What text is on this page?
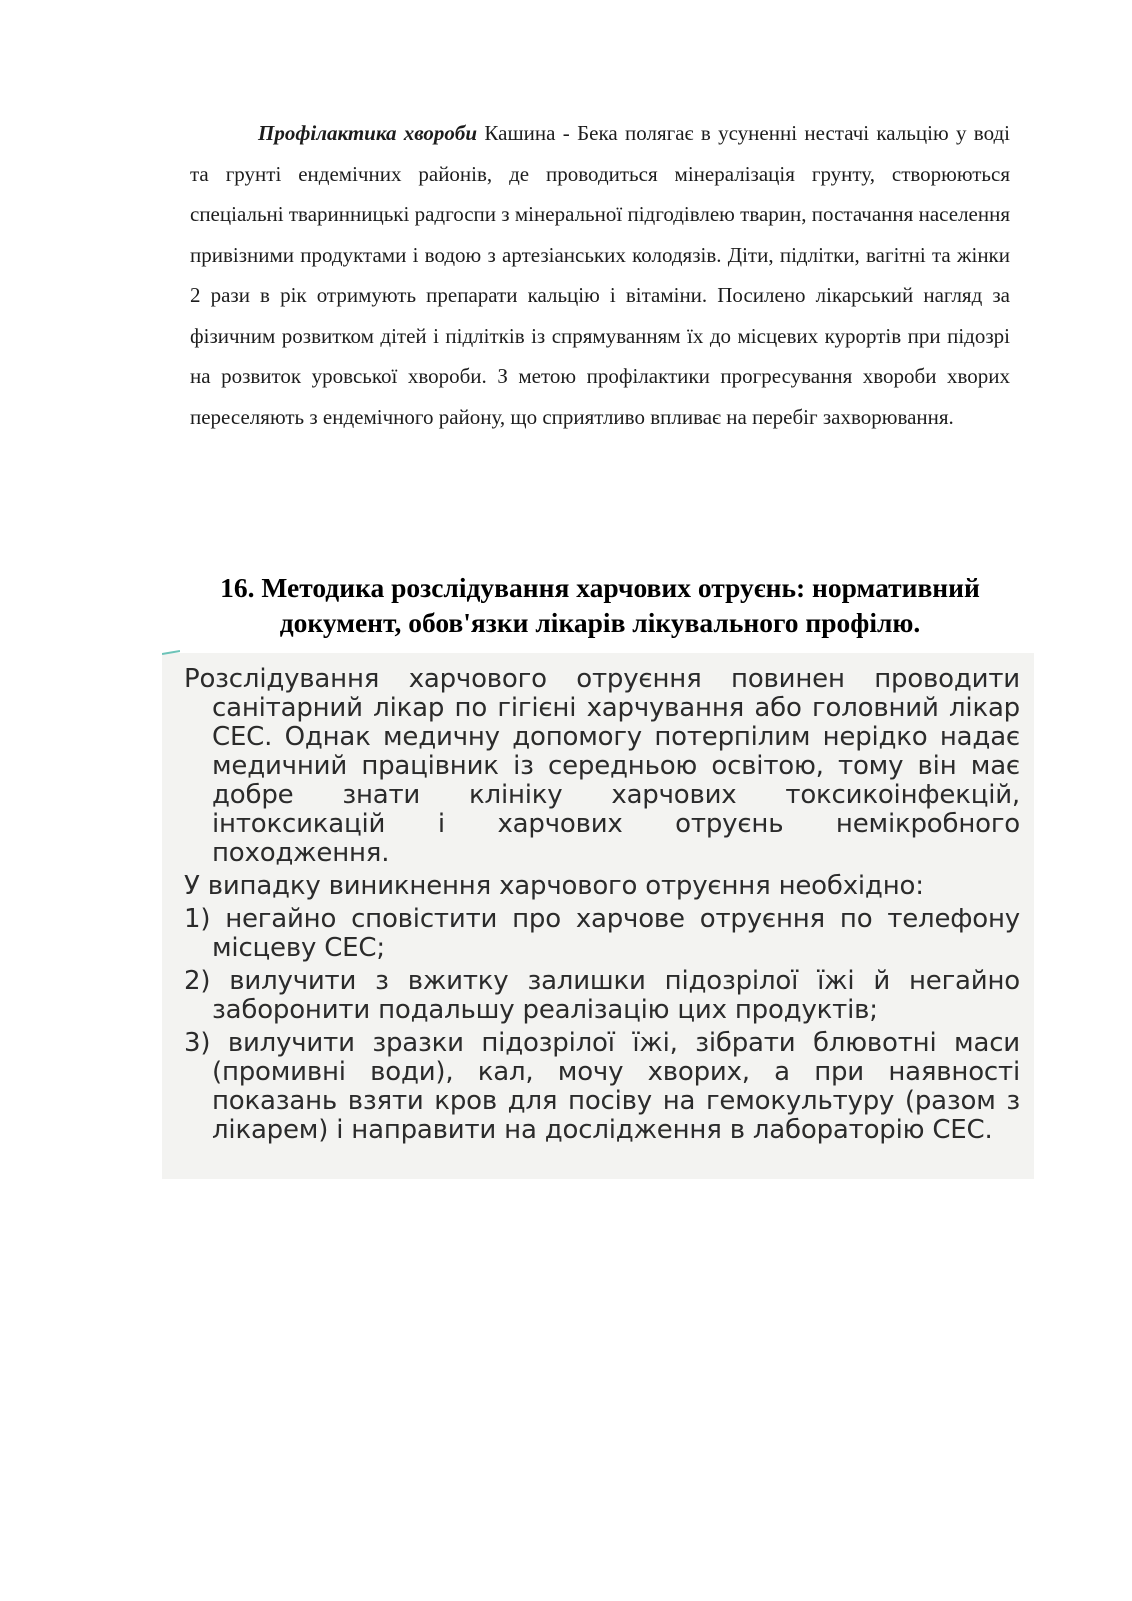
Профілактика хвороби Кашина - Бека полягає в усуненні нестачі кальцію у воді та грунті ендемічних районів, де проводиться мінералізація грунту, створюються спеціальні тваринницькі радгоспи з мінеральної підгодівлею тварин, постачання населення привізними продуктами і водою з артезіанських колодязів. Діти, підлітки, вагітні та жінки 2 рази в рік отримують препарати кальцію і вітаміни. Посилено лікарський нагляд за фізичним розвитком дітей і підлітків із спрямуванням їх до місцевих курортів при підозрі на розвиток уровської хвороби. З метою профілактики прогресування хвороби хворих переселяють з ендемічного району, що сприятливо впливає на перебіг захворювання.

16. Методика розслідування харчових отруєнь: нормативний
документ, обов'язки лікарів лікувального профілю.
Розслідування харчового отруєння повинен проводити санітарний лікар по гігієні харчування або головний лікар СЕС. Однак медичну допомогу потерпілим нерідко надає медичний працівник із середньою освітою, тому він має добре знати клініку харчових токсикоінфекцій, інтоксикацій і харчових отруєнь немікробного походження.
У випадку виникнення харчового отруєння необхідно:
1) негайно сповістити про харчове отруєння по телефону місцеву СЕС;
2) вилучити з вжитку залишки підозрілої їжі й негайно заборонити подальшу реалізацію цих продуктів;
3) вилучити зразки підозрілої їжі, зібрати блювотні маси (промивні води), кал, мочу хворих, а при наявності показань взяти кров для посіву на гемокультуру (разом з лікарем) і направити на дослідження в лабораторію СЕС.
